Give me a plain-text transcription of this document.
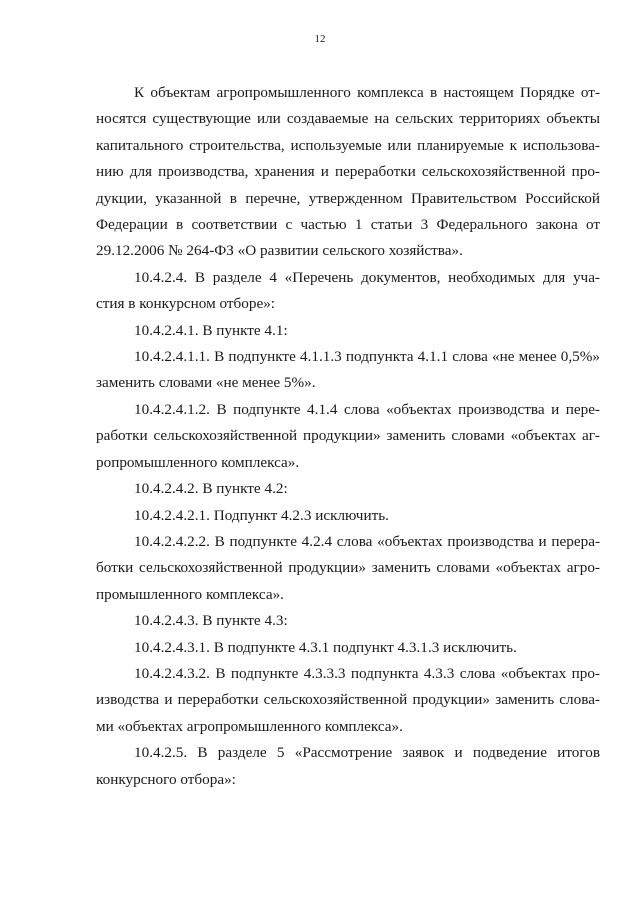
12
К объектам агропромышленного комплекса в настоящем Порядке от-
носятся существующие или создаваемые на сельских территориях объекты
капитального строительства, используемые или планируемые к использова-
нию для производства, хранения и переработки сельскохозяйственной про-
дукции, указанной в перечне, утвержденном Правительством Российской
Федерации в соответствии с частью 1 статьи 3 Федерального закона от
29.12.2006 № 264-ФЗ «О развитии сельского хозяйства».
10.4.2.4. В разделе 4 «Перечень документов, необходимых для уча-
стия в конкурсном отборе»:
10.4.2.4.1. В пункте 4.1:
10.4.2.4.1.1. В подпункте 4.1.1.3 подпункта 4.1.1 слова «не менее 0,5%»
заменить словами «не менее 5%».
10.4.2.4.1.2. В подпункте 4.1.4 слова «объектах производства и пере-
работки сельскохозяйственной продукции» заменить словами «объектах аг-
ропромышленного комплекса».
10.4.2.4.2. В пункте 4.2:
10.4.2.4.2.1. Подпункт 4.2.3 исключить.
10.4.2.4.2.2. В подпункте 4.2.4 слова «объектах производства и перера-
ботки сельскохозяйственной продукции» заменить словами «объектах агро-
промышленного комплекса».
10.4.2.4.3. В пункте 4.3:
10.4.2.4.3.1. В подпункте 4.3.1 подпункт 4.3.1.3 исключить.
10.4.2.4.3.2. В подпункте 4.3.3.3 подпункта 4.3.3 слова «объектах про-
изводства и переработки сельскохозяйственной продукции» заменить слова-
ми «объектах агропромышленного комплекса».
10.4.2.5. В разделе 5 «Рассмотрение заявок и подведение итогов
конкурсного отбора»:
